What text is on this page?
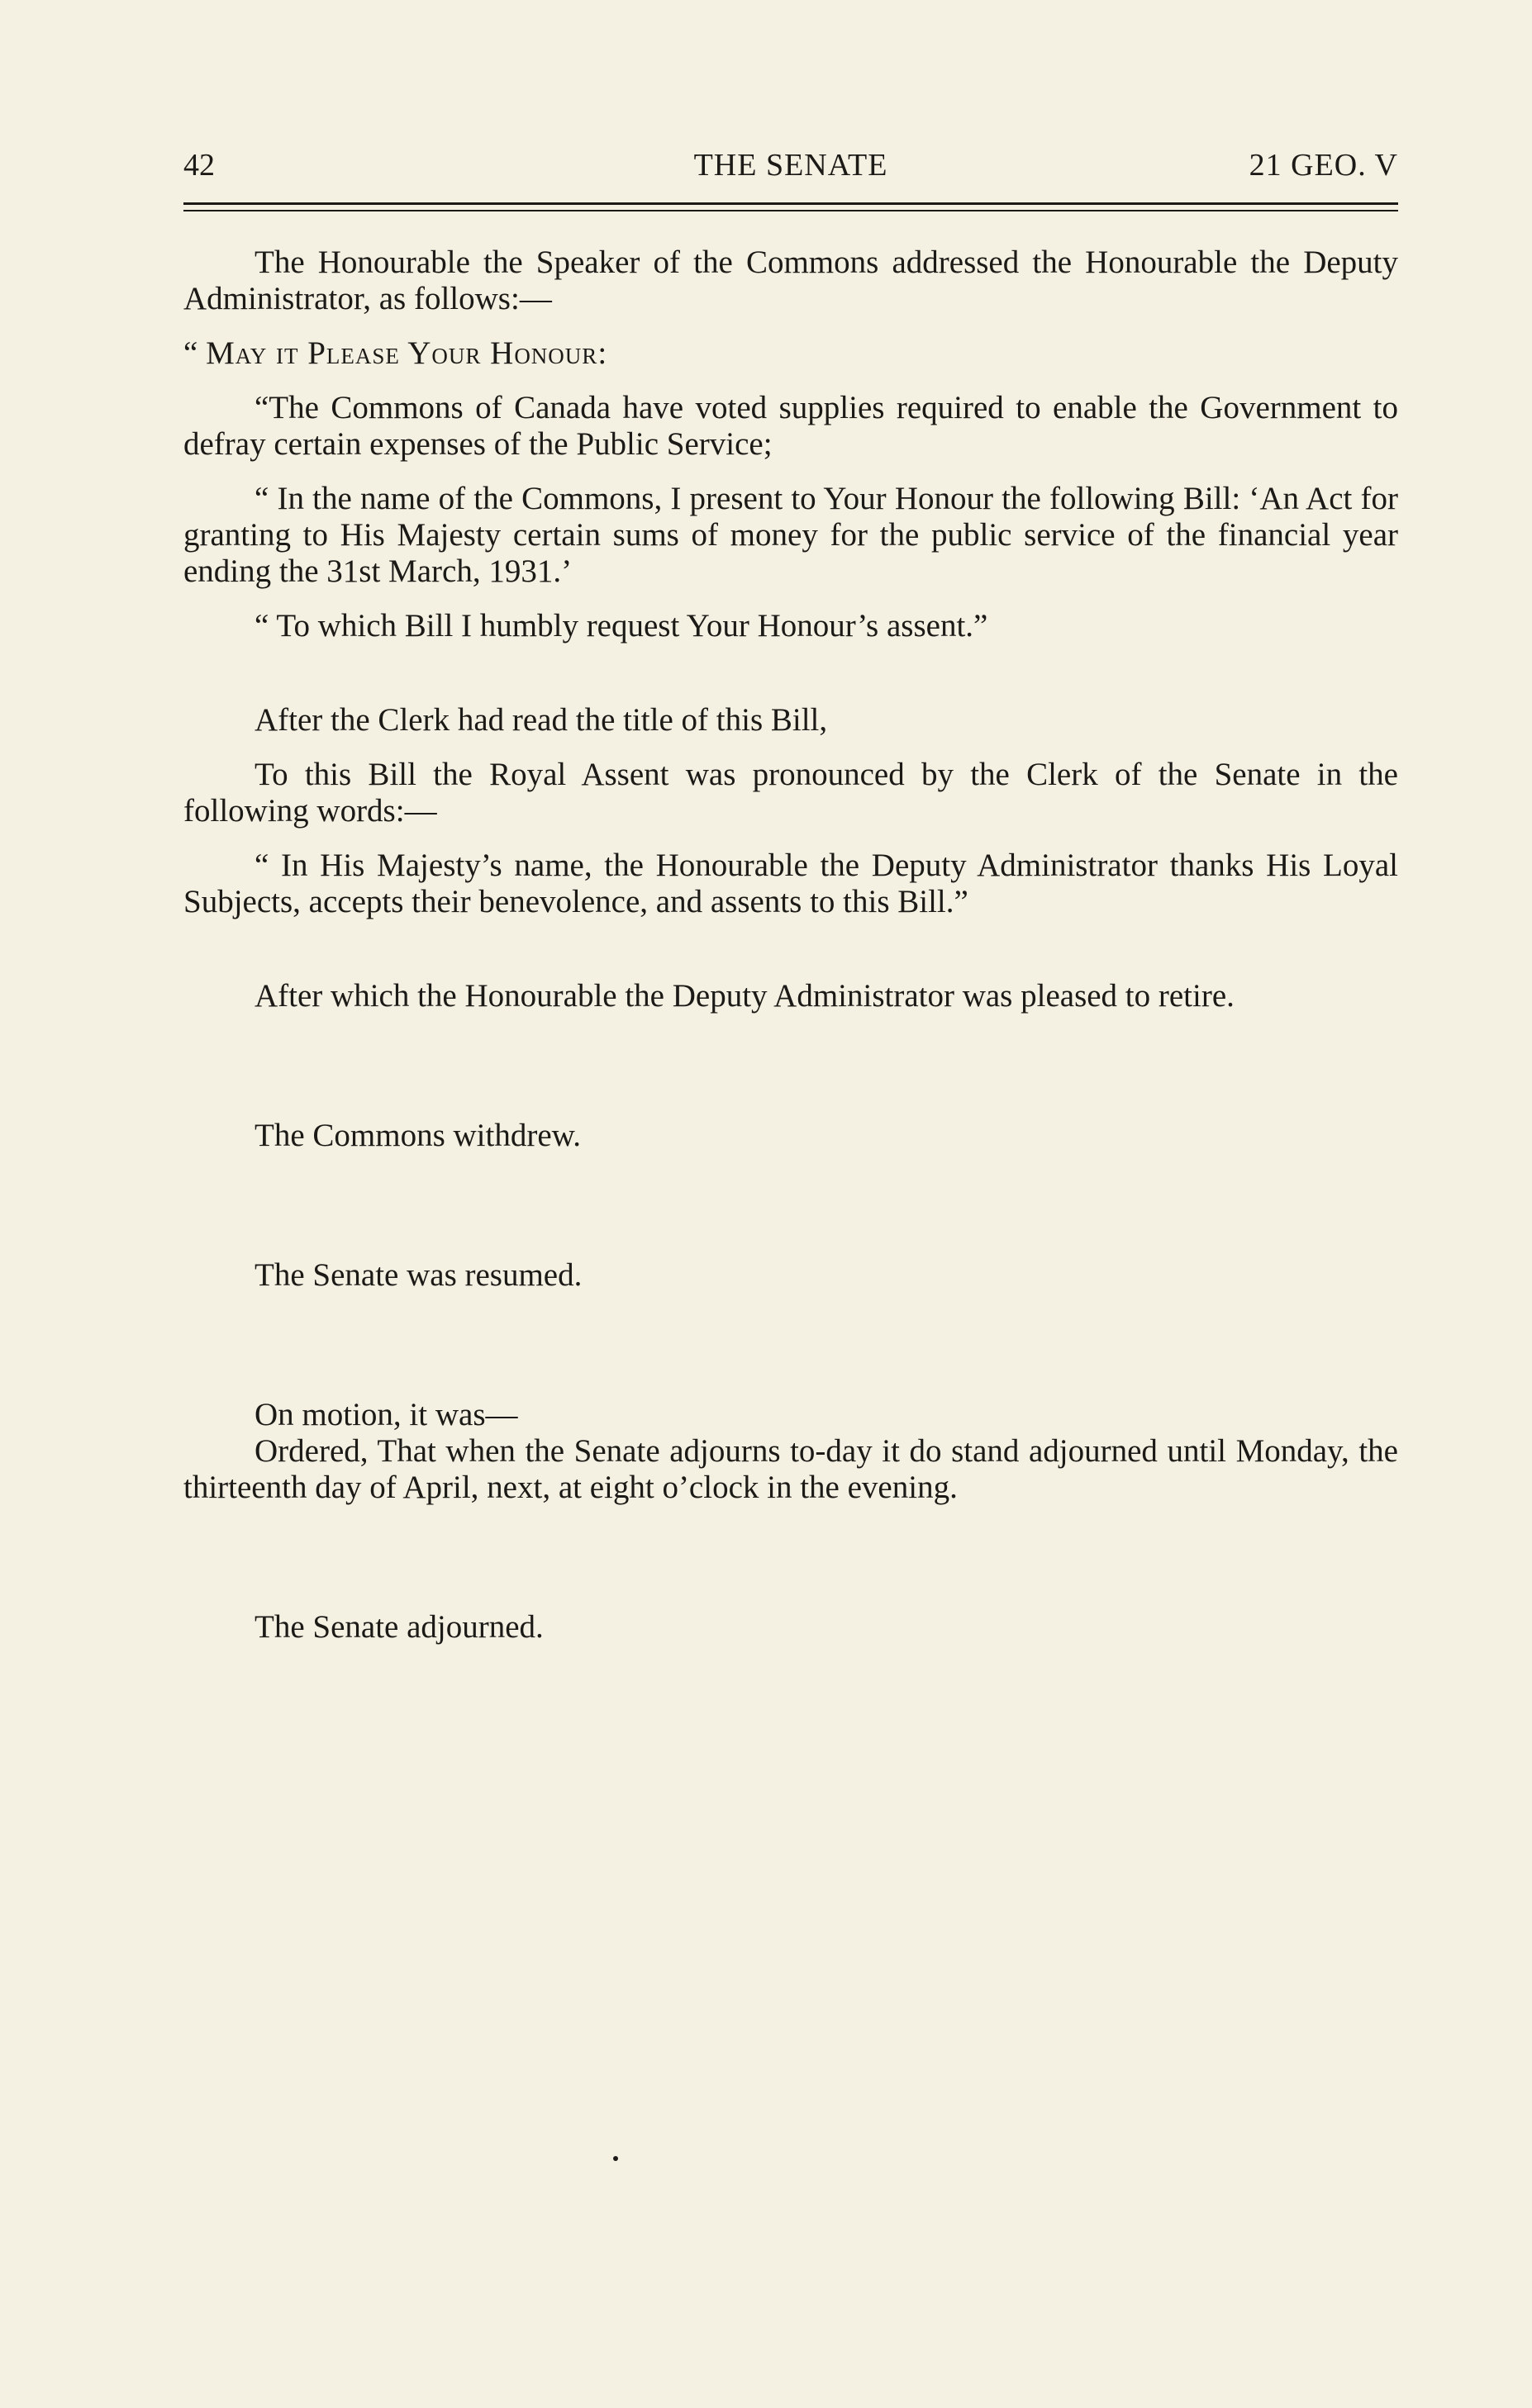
42	THE SENATE	21 GEO. V

The Honourable the Speaker of the Commons addressed the Honourable the Deputy Administrator, as follows:—

“ May it Please Your Honour:

“The Commons of Canada have voted supplies required to enable the Government to defray certain expenses of the Public Service;

“ In the name of the Commons, I present to Your Honour the following Bill: ‘An Act for granting to His Majesty certain sums of money for the public service of the financial year ending the 31st March, 1931.’

“ To which Bill I humbly request Your Honour’s assent.”

After the Clerk had read the title of this Bill,

To this Bill the Royal Assent was pronounced by the Clerk of the Senate in the following words:—

“ In His Majesty’s name, the Honourable the Deputy Administrator thanks His Loyal Subjects, accepts their benevolence, and assents to this Bill.”

After which the Honourable the Deputy Administrator was pleased to retire.

The Commons withdrew.

The Senate was resumed.

On motion, it was—

Ordered, That when the Senate adjourns to-day it do stand adjourned until Monday, the thirteenth day of April, next, at eight o’clock in the evening.

The Senate adjourned.
